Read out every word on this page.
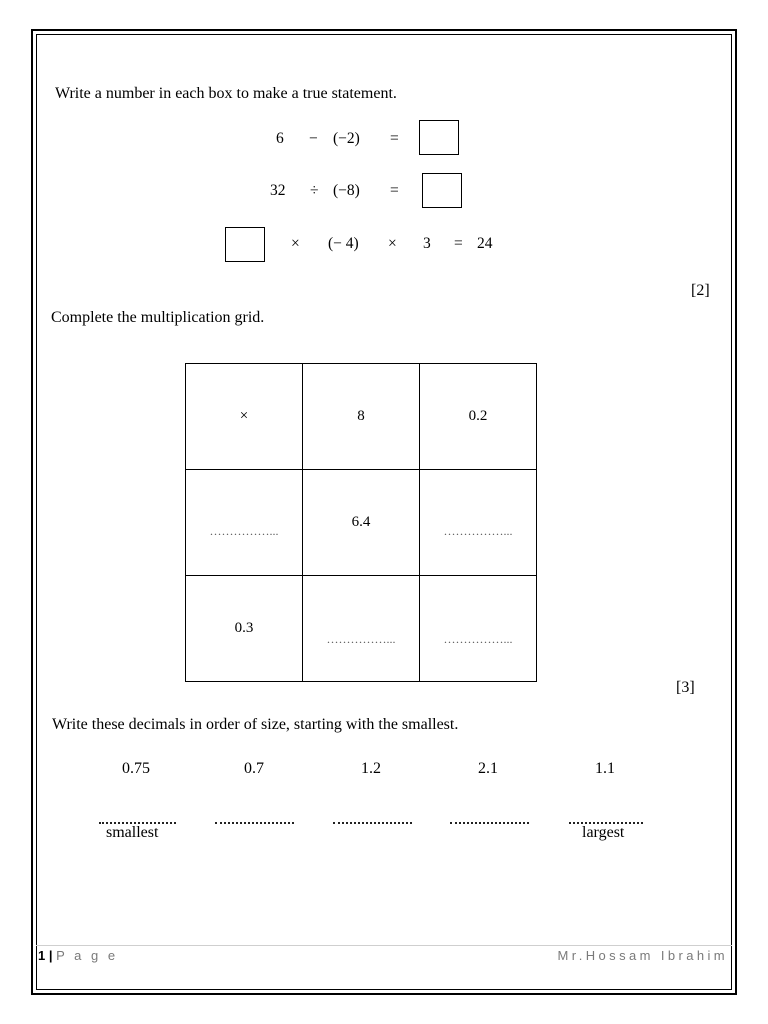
Write a number in each box to make a true statement.
6 − (−2) =
32 ÷ (−8) =
× (− 4) × 3 = 24
[2]
Complete the multiplication grid.
×	8	0.2

……………...	6.4	……………...

0.3	……………...	……………...
[3]
Write these decimals in order of size, starting with the smallest.
0.75	0.7	1.2	2.1	1.1
smallest	largest
1 | P a g e	Mr.Hossam Ibrahim
